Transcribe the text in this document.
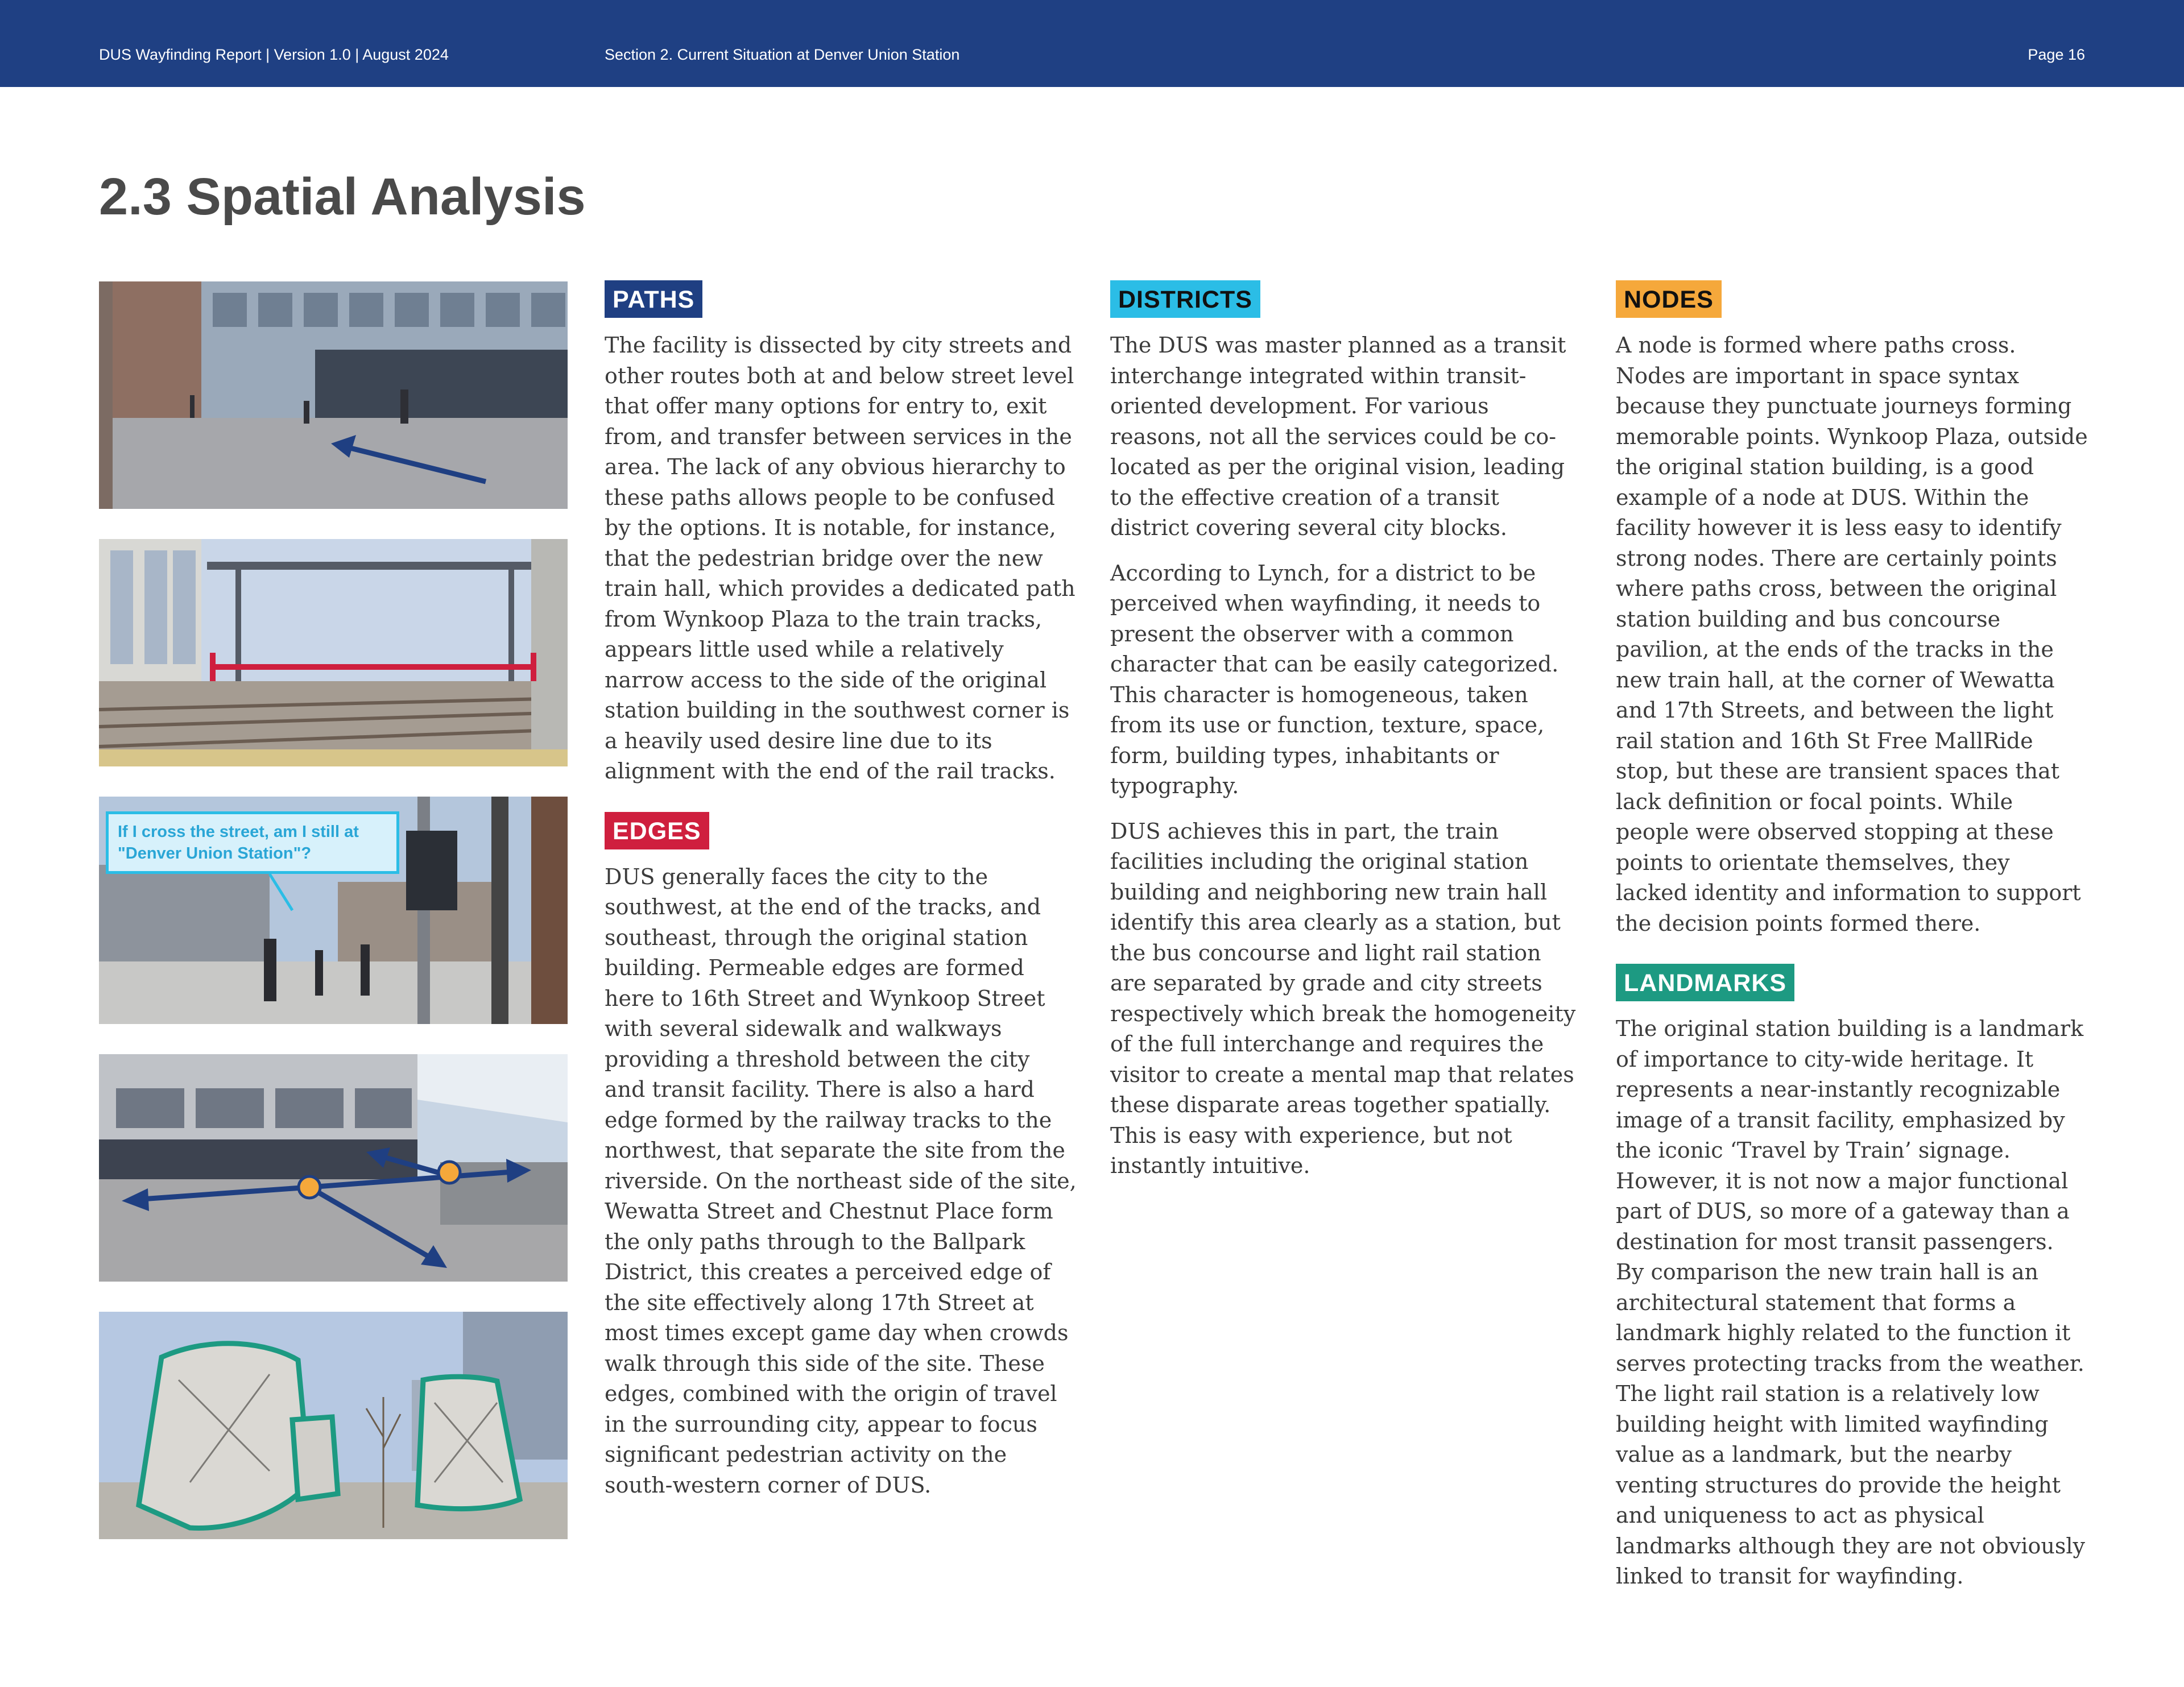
DUS Wayfinding Report | Version 1.0 | August 2024	Section 2. Current Situation at Denver Union Station	Page 16
2.3 Spatial Analysis
If I cross the street, am I still at "Denver Union Station"?
PATHS

The facility is dissected by city streets and other routes both at and below street level that offer many options for entry to, exit from, and transfer between services in the area. The lack of any obvious hierarchy to these paths allows people to be confused by the options. It is notable, for instance, that the pedestrian bridge over the new train hall, which provides a dedicated path from Wynkoop Plaza to the train tracks, appears little used while a relatively narrow access to the side of the original station building in the southwest corner is a heavily used desire line due to its alignment with the end of the rail tracks.

EDGES

DUS generally faces the city to the southwest, at the end of the tracks, and southeast, through the original station building. Permeable edges are formed here to 16th Street and Wynkoop Street with several sidewalk and walkways providing a threshold between the city and transit facility. There is also a hard edge formed by the railway tracks to the northwest, that separate the site from the riverside. On the northeast side of the site, Wewatta Street and Chestnut Place form the only paths through to the Ballpark District, this creates a perceived edge of the site effectively along 17th Street at most times except game day when crowds walk through this side of the site. These edges, combined with the origin of travel in the surrounding city, appear to focus significant pedestrian activity on the south-western corner of DUS.

DISTRICTS

The DUS was master planned as a transit interchange integrated within transit-oriented development. For various reasons, not all the services could be co-located as per the original vision, leading to the effective creation of a transit district covering several city blocks.

According to Lynch, for a district to be perceived when wayfinding, it needs to present the observer with a common character that can be easily categorized. This character is homogeneous, taken from its use or function, texture, space, form, building types, inhabitants or typography.

DUS achieves this in part, the train facilities including the original station building and neighboring new train hall identify this area clearly as a station, but the bus concourse and light rail station are separated by grade and city streets respectively which break the homogeneity of the full interchange and requires the visitor to create a mental map that relates these disparate areas together spatially. This is easy with experience, but not instantly intuitive.

NODES

A node is formed where paths cross. Nodes are important in space syntax because they punctuate journeys forming memorable points. Wynkoop Plaza, outside the original station building, is a good example of a node at DUS. Within the facility however it is less easy to identify strong nodes. There are certainly points where paths cross, between the original station building and bus concourse pavilion, at the ends of the tracks in the new train hall, at the corner of Wewatta and 17th Streets, and between the light rail station and 16th St Free MallRide stop, but these are transient spaces that lack definition or focal points. While people were observed stopping at these points to orientate themselves, they lacked identity and information to support the decision points formed there.

LANDMARKS

The original station building is a landmark of importance to city-wide heritage. It represents a near-instantly recognizable image of a transit facility, emphasized by the iconic ‘Travel by Train’ signage. However, it is not now a major functional part of DUS, so more of a gateway than a destination for most transit passengers. By comparison the new train hall is an architectural statement that forms a landmark highly related to the function it serves protecting tracks from the weather. The light rail station is a relatively low building height with limited wayfinding value as a landmark, but the nearby venting structures do provide the height and uniqueness to act as physical landmarks although they are not obviously linked to transit for wayfinding.
